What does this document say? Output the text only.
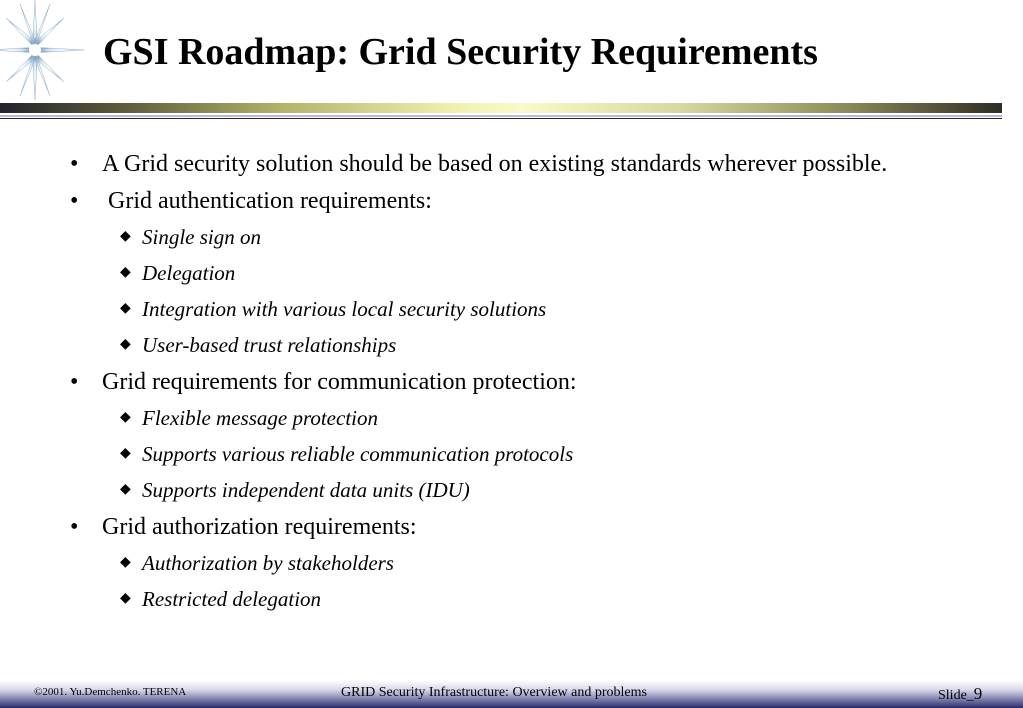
GSI Roadmap: Grid Security Requirements
• A Grid security solution should be based on existing standards wherever possible.
• Grid authentication requirements:
◆ Single sign on
◆ Delegation
◆ Integration with various local security solutions
◆ User-based trust relationships
• Grid requirements for communication protection:
◆ Flexible message protection
◆ Supports various reliable communication protocols
◆ Supports independent data units (IDU)
• Grid authorization requirements:
◆ Authorization by stakeholders
◆ Restricted delegation
©2001. Yu.Demchenko. TERENA	GRID Security Infrastructure: Overview and problems	Slide_9
